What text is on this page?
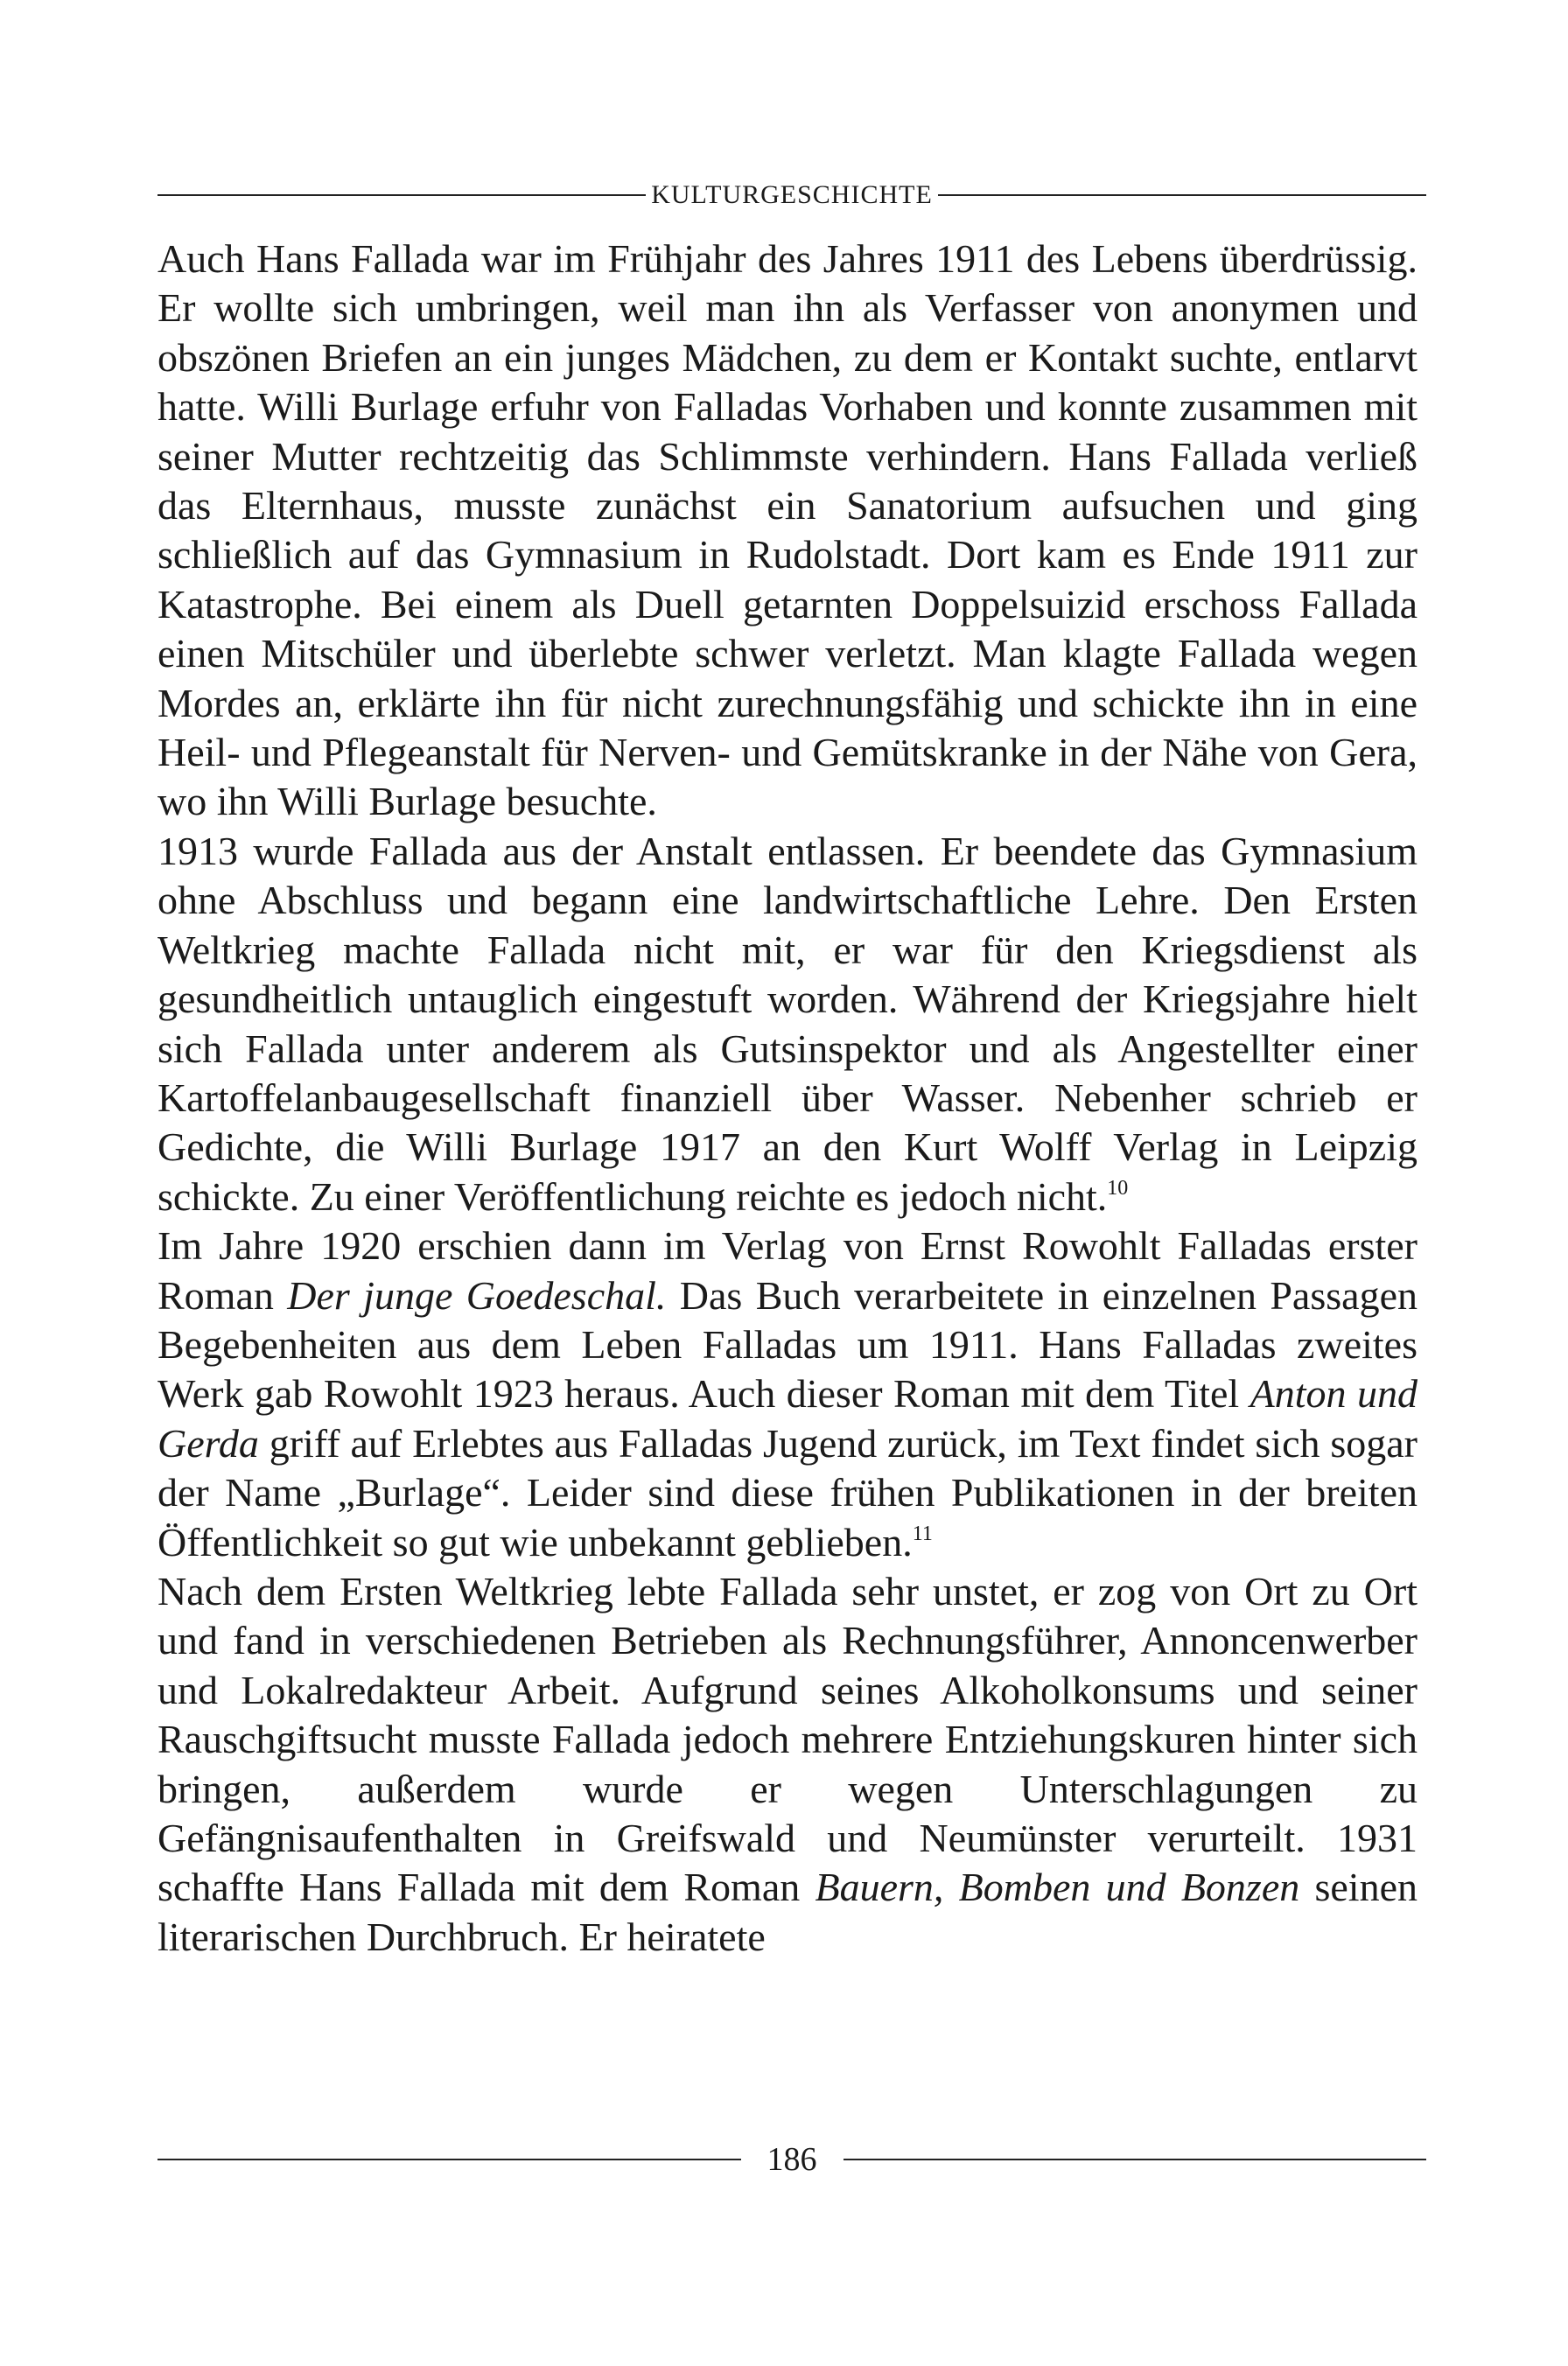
KULTURGESCHICHTE

Auch Hans Fallada war im Frühjahr des Jahres 1911 des Lebens überdrüssig. Er wollte sich umbringen, weil man ihn als Verfasser von anonymen und obszönen Briefen an ein junges Mädchen, zu dem er Kontakt suchte, entlarvt hatte. Willi Burlage erfuhr von Falladas Vorhaben und konnte zusammen mit seiner Mutter rechtzeitig das Schlimmste verhindern. Hans Fallada verließ das Elternhaus, musste zunächst ein Sanatorium aufsuchen und ging schließlich auf das Gymnasium in Rudolstadt. Dort kam es Ende 1911 zur Katastrophe. Bei einem als Duell getarnten Doppelsuizid erschoss Fallada einen Mitschüler und überlebte schwer verletzt. Man klagte Fallada wegen Mordes an, erklärte ihn für nicht zurechnungsfähig und schickte ihn in eine Heil- und Pflegeanstalt für Nerven- und Gemütskranke in der Nähe von Gera, wo ihn Willi Burlage besuchte.

1913 wurde Fallada aus der Anstalt entlassen. Er beendete das Gymnasium ohne Abschluss und begann eine landwirtschaftliche Lehre. Den Ersten Weltkrieg machte Fallada nicht mit, er war für den Kriegsdienst als gesundheitlich untauglich eingestuft worden. Während der Kriegsjahre hielt sich Fallada unter anderem als Gutsinspektor und als Angestellter einer Kartoffelanbaugesellschaft finanziell über Wasser. Nebenher schrieb er Gedichte, die Willi Burlage 1917 an den Kurt Wolff Verlag in Leipzig schickte. Zu einer Veröffentlichung reichte es jedoch nicht.$^{10}$

Im Jahre 1920 erschien dann im Verlag von Ernst Rowohlt Falladas erster Roman Der junge Goedeschal. Das Buch verarbeitete in einzelnen Passagen Begebenheiten aus dem Leben Falladas um 1911. Hans Falladas zweites Werk gab Rowohlt 1923 heraus. Auch dieser Roman mit dem Titel Anton und Gerda griff auf Erlebtes aus Falladas Jugend zurück, im Text findet sich sogar der Name „Burlage“. Leider sind diese frühen Publikationen in der breiten Öffentlichkeit so gut wie unbekannt geblieben.$^{11}$

Nach dem Ersten Weltkrieg lebte Fallada sehr unstet, er zog von Ort zu Ort und fand in verschiedenen Betrieben als Rechnungsführer, Annoncenwerber und Lokalredakteur Arbeit. Aufgrund seines Alkoholkonsums und seiner Rauschgiftsucht musste Fallada jedoch mehrere Entziehungskuren hinter sich bringen, außerdem wurde er wegen Unterschlagungen zu Gefängnisaufenthalten in Greifswald und Neumünster verurteilt. 1931 schaffte Hans Fallada mit dem Roman Bauern, Bomben und Bonzen seinen literarischen Durchbruch. Er heiratete

186
